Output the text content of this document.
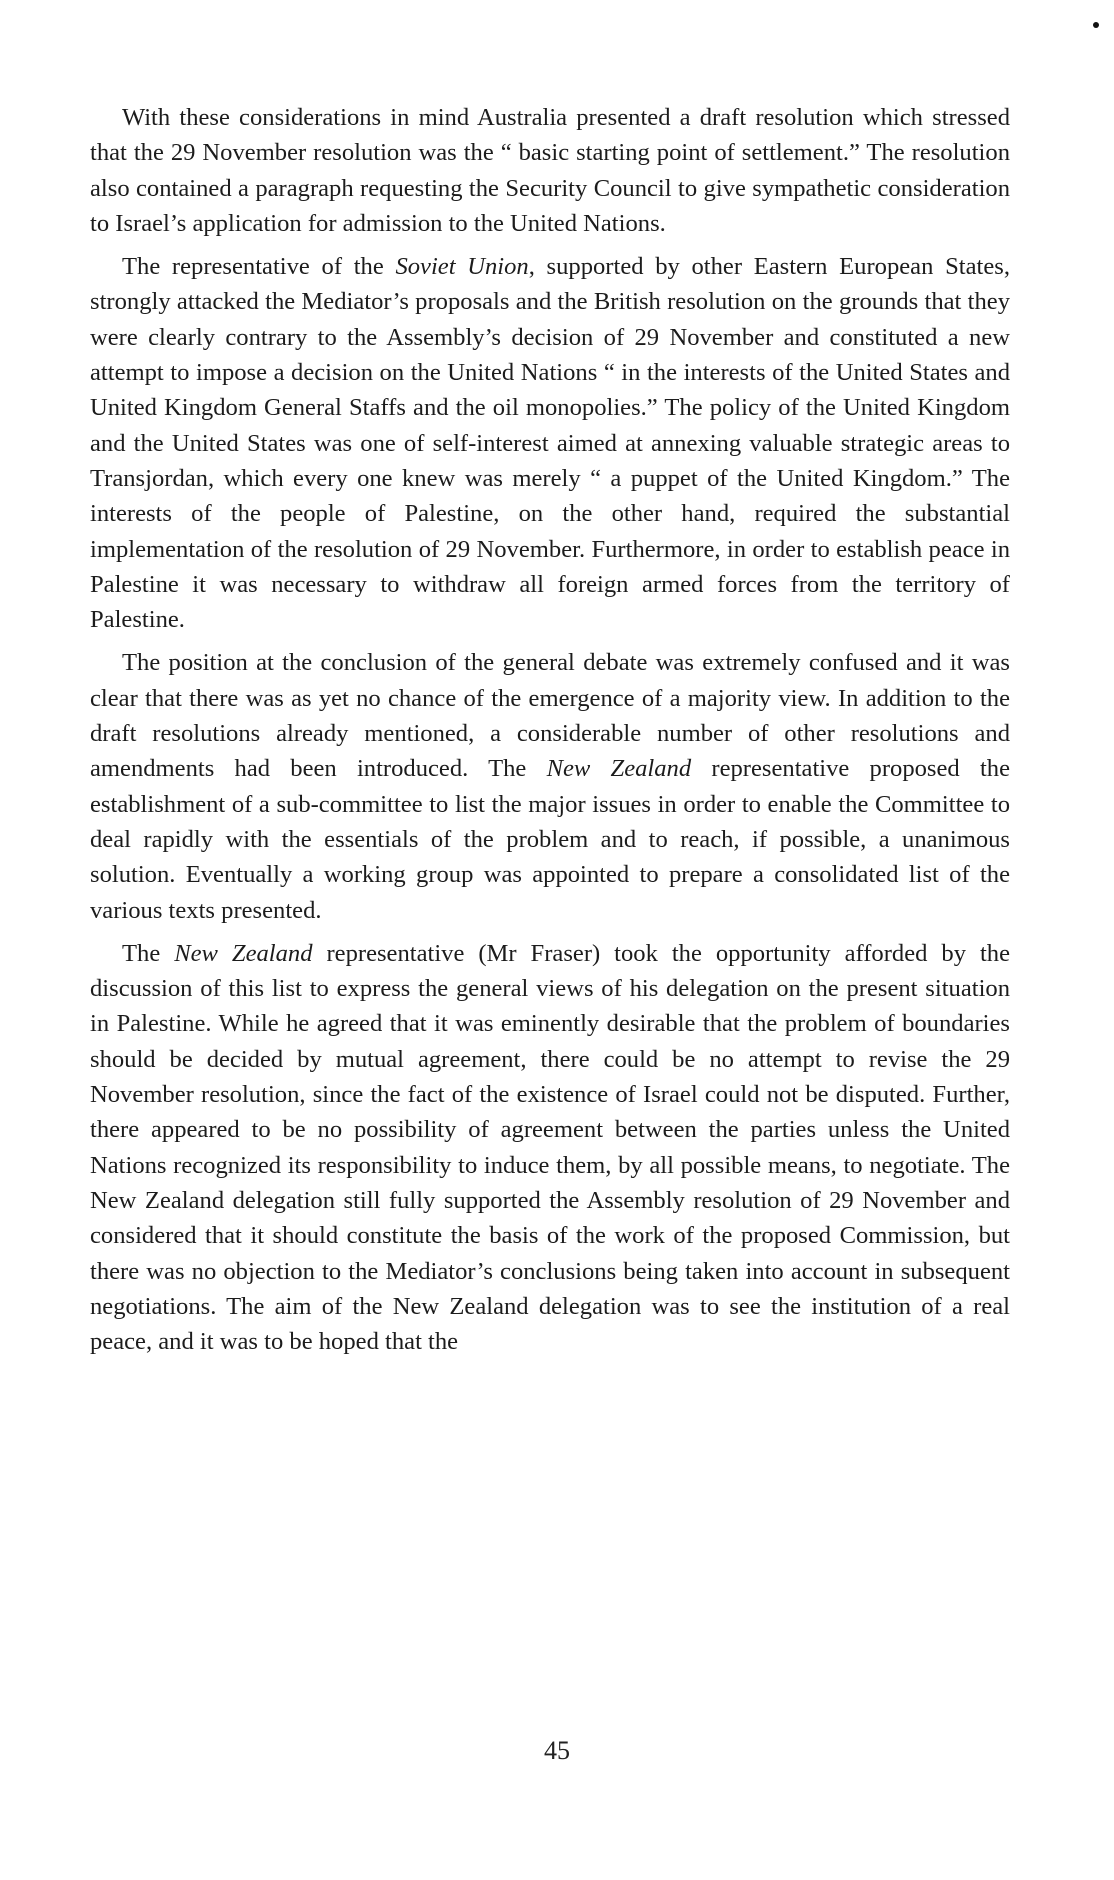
With these considerations in mind Australia presented a draft resolution which stressed that the 29 November resolution was the “ basic starting point of settlement.” The resolution also contained a paragraph requesting the Security Council to give sympathetic consideration to Israel’s application for admission to the United Nations.

The representative of the Soviet Union, supported by other Eastern European States, strongly attacked the Mediator’s proposals and the British resolution on the grounds that they were clearly contrary to the Assembly’s decision of 29 November and constituted a new attempt to impose a decision on the United Nations “ in the interests of the United States and United Kingdom General Staffs and the oil monopolies.” The policy of the United Kingdom and the United States was one of self-interest aimed at annexing valuable strategic areas to Transjordan, which every one knew was merely “ a puppet of the United Kingdom.” The interests of the people of Palestine, on the other hand, required the substantial implementation of the resolution of 29 November. Furthermore, in order to establish peace in Palestine it was necessary to withdraw all foreign armed forces from the territory of Palestine.

The position at the conclusion of the general debate was extremely confused and it was clear that there was as yet no chance of the emergence of a majority view. In addition to the draft resolutions already mentioned, a considerable number of other resolutions and amendments had been introduced. The New Zealand representative proposed the establishment of a sub-committee to list the major issues in order to enable the Committee to deal rapidly with the essentials of the problem and to reach, if possible, a unanimous solution. Eventually a working group was appointed to prepare a consolidated list of the various texts presented.

The New Zealand representative (Mr Fraser) took the opportunity afforded by the discussion of this list to express the general views of his delegation on the present situation in Palestine. While he agreed that it was eminently desirable that the problem of boundaries should be decided by mutual agreement, there could be no attempt to revise the 29 November resolution, since the fact of the existence of Israel could not be disputed. Further, there appeared to be no possibility of agreement between the parties unless the United Nations recognized its responsibility to induce them, by all possible means, to negotiate. The New Zealand delegation still fully supported the Assembly resolution of 29 November and considered that it should constitute the basis of the work of the proposed Commission, but there was no objection to the Mediator’s conclusions being taken into account in subsequent negotiations. The aim of the New Zealand delegation was to see the institution of a real peace, and it was to be hoped that the

45
